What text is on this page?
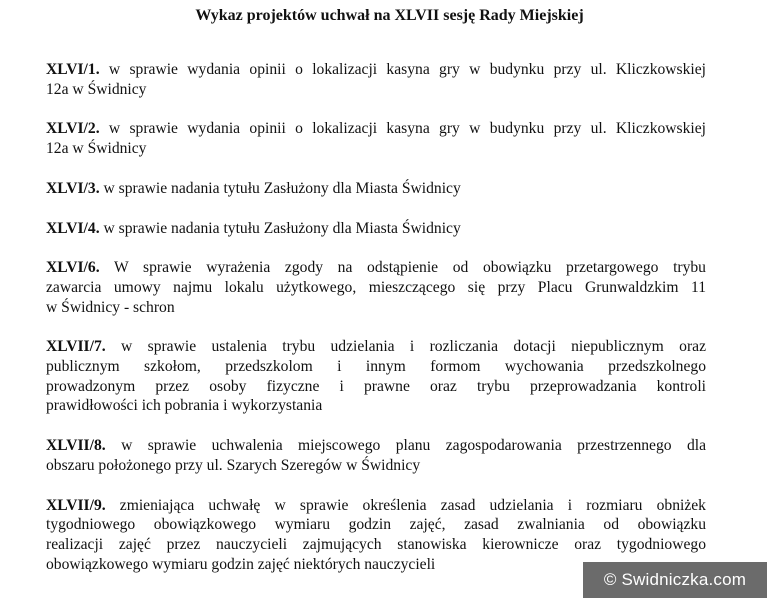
Wykaz projektów uchwał na XLVII sesję Rady Miejskiej
XLVI/1. w sprawie wydania opinii o lokalizacji kasyna gry w budynku przy ul. Kliczkowskiej
12a w Świdnicy
XLVI/2. w sprawie wydania opinii o lokalizacji kasyna gry w budynku przy ul. Kliczkowskiej
12a w Świdnicy
XLVI/3. w sprawie nadania tytułu Zasłużony dla Miasta Świdnicy
XLVI/4. w sprawie nadania tytułu Zasłużony dla Miasta Świdnicy
XLVI/6. W sprawie wyrażenia zgody na odstąpienie od obowiązku przetargowego trybu
zawarcia umowy najmu lokalu użytkowego, mieszczącego się przy Placu Grunwaldzkim 11
w Świdnicy - schron
XLVII/7. w sprawie ustalenia trybu udzielania i rozliczania dotacji niepublicznym oraz
publicznym szkołom, przedszkolom i innym formom wychowania przedszkolnego
prowadzonym przez osoby fizyczne i prawne oraz trybu przeprowadzania kontroli
prawidłowości ich pobrania i wykorzystania
XLVII/8. w sprawie uchwalenia miejscowego planu zagospodarowania przestrzennego dla
obszaru położonego przy ul. Szarych Szeregów w Świdnicy
XLVII/9. zmieniająca uchwałę w sprawie określenia zasad udzielania i rozmiaru obniżek
tygodniowego obowiązkowego wymiaru godzin zajęć, zasad zwalniania od obowiązku
realizacji zajęć przez nauczycieli zajmujących stanowiska kierownicze oraz tygodniowego
obowiązkowego wymiaru godzin zajęć niektórych nauczycieli
© Swidniczka.com
